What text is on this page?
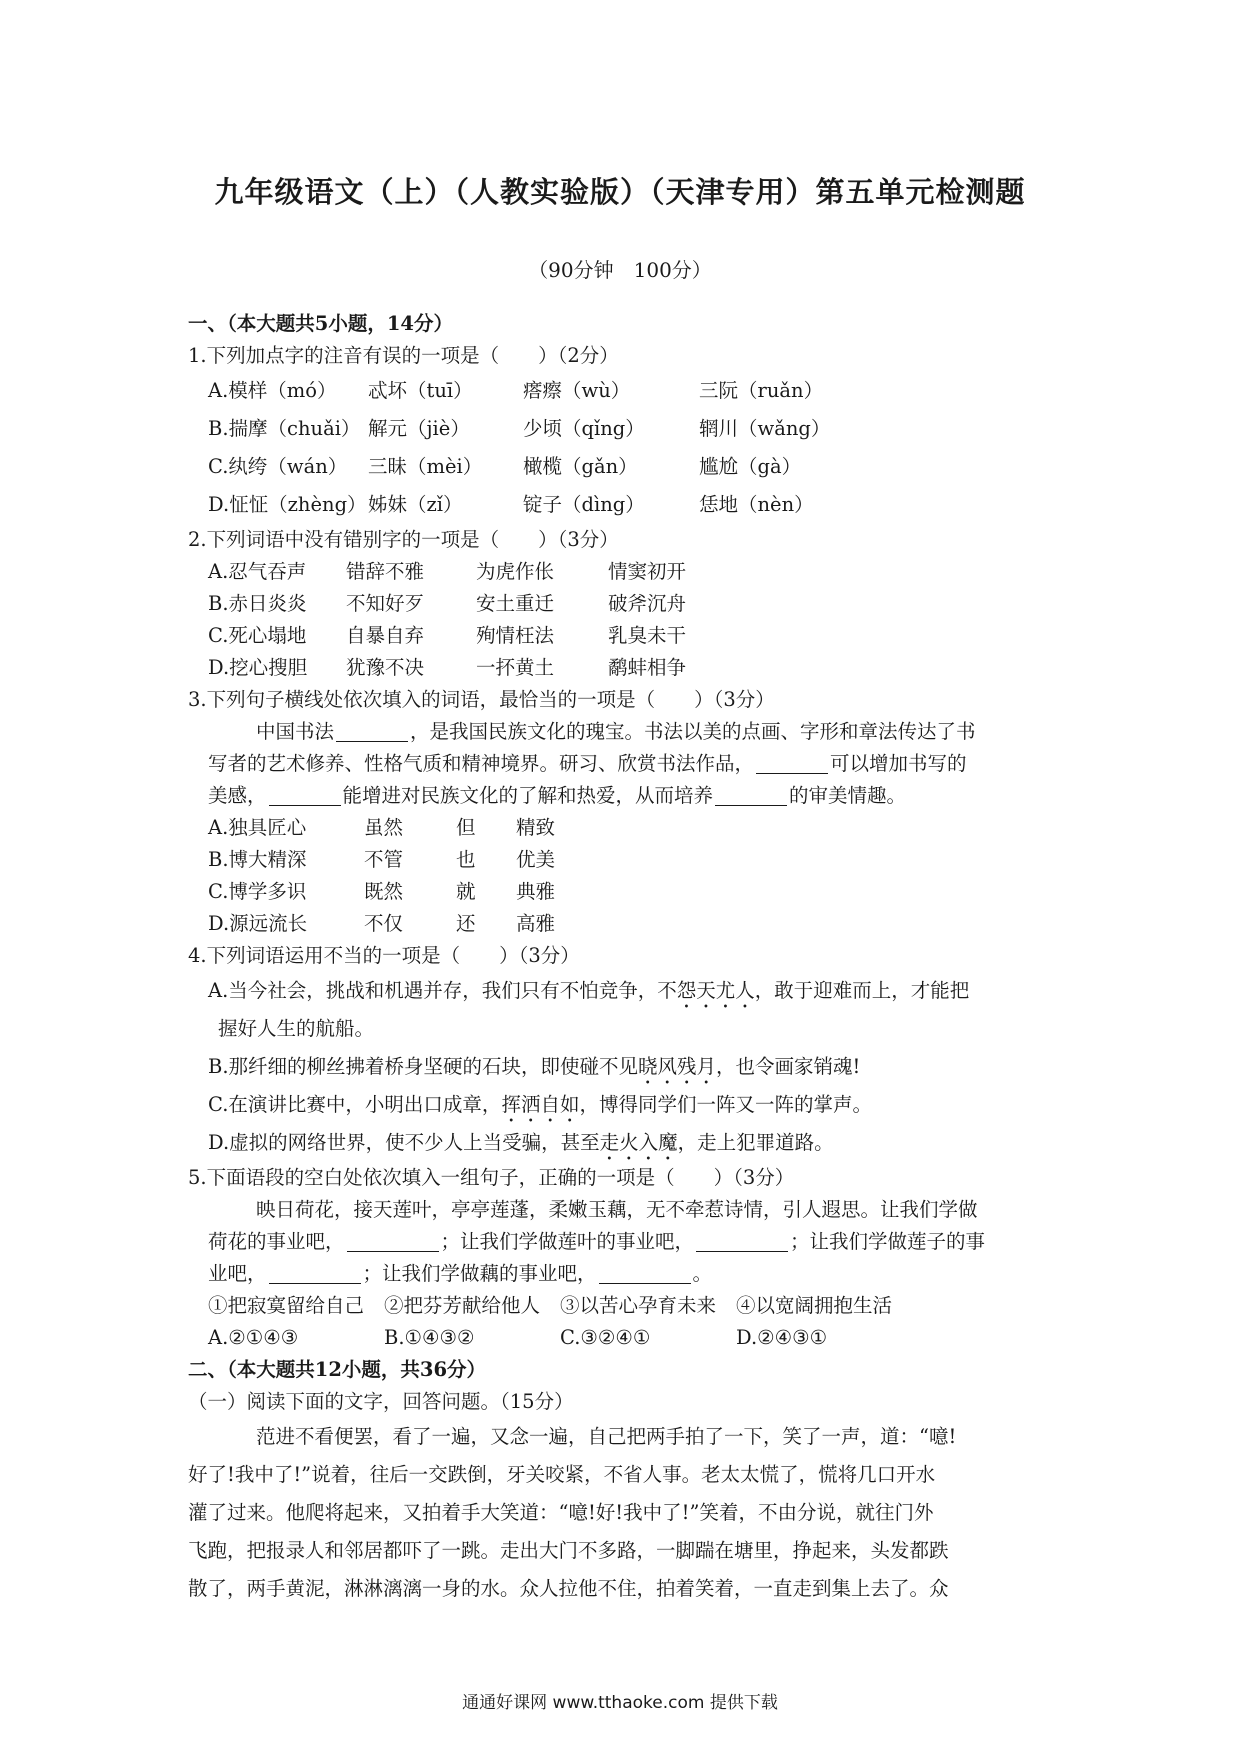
九年级语文（上）（人教实验版）（天津专用）第五单元检测题
（90分钟　100分）
一、（本大题共5小题，14分）
1.下列加点字的注音有误的一项是（　　）（2分）
A.模样（mó）	忒坏（tuī）	瘩瘵（wù）	三阮（ruǎn）
B.揣摩（chuǎi） 解元（jiè）	少顷（qǐng）	辋川（wǎng）
C.纨绔（wán）	三昧（mèi）	橄榄（gǎn）	尴尬（gà）
D.怔怔（zhèng） 姊妹（zǐ）	锭子（dìng）	恁地（nèn）
2.下列词语中没有错别字的一项是（　　）（3分）
A.忍气吞声	错辞不雅	为虎作伥	情窦初开
B.赤日炎炎	不知好歹	安土重迁	破斧沉舟
C.死心塌地	自暴自弃	殉情枉法	乳臭未干
D.挖心搜胆	犹豫不决	一抔黄土	鹬蚌相争
3.下列句子横线处依次填入的词语，最恰当的一项是（　　）（3分）
中国书法	，是我国民族文化的瑰宝。书法以美的点画、字形和章法传达了书
写者的艺术修养、性格气质和精神境界。研习、欣赏书法作品，	可以增加书写的
美感，	能增进对民族文化的了解和热爱，从而培养	的审美情趣。
A.独具匠心	虽然	但	精致
B.博大精深	不管	也	优美
C.博学多识	既然	就	典雅
D.源远流长	不仅	还	高雅
4.下列词语运用不当的一项是（　　）（3分）
A.当今社会，挑战和机遇并存，我们只有不怕竞争，不怨天尤人，敢于迎难而上，才能把
握好人生的航船。
B.那纤细的柳丝拂着桥身坚硬的石块，即使碰不见晓风残月，也令画家销魂!
C.在演讲比赛中，小明出口成章，挥洒自如，博得同学们一阵又一阵的掌声。
D.虚拟的网络世界，使不少人上当受骗，甚至走火入魔，走上犯罪道路。
5.下面语段的空白处依次填入一组句子，正确的一项是（　　）（3分）
映日荷花，接天莲叶，亭亭莲蓬，柔嫩玉藕，无不牵惹诗情，引人遐思。让我们学做
荷花的事业吧，	；让我们学做莲叶的事业吧，	；让我们学做莲子的事
业吧，	；让我们学做藕的事业吧，	。
①把寂寞留给自己	②把芬芳献给他人	③以苦心孕育未来	④以宽阔拥抱生活
A.②①④③	B.①④③②	C.③②④①	D.②④③①
二、（本大题共12小题，共36分）
（一）阅读下面的文字，回答问题。（15分）
范进不看便罢，看了一遍，又念一遍，自己把两手拍了一下，笑了一声，道：“噫!
好了!我中了!”说着，往后一交跌倒，牙关咬紧，不省人事。老太太慌了，慌将几口开水
灌了过来。他爬将起来，又拍着手大笑道：“噫!好!我中了!”笑着，不由分说，就往门外
飞跑，把报录人和邻居都吓了一跳。走出大门不多路，一脚踹在塘里，挣起来，头发都跌
散了，两手黄泥，淋淋漓漓一身的水。众人拉他不住，拍着笑着，一直走到集上去了。众
通通好课网 www.tthaoke.com 提供下载
